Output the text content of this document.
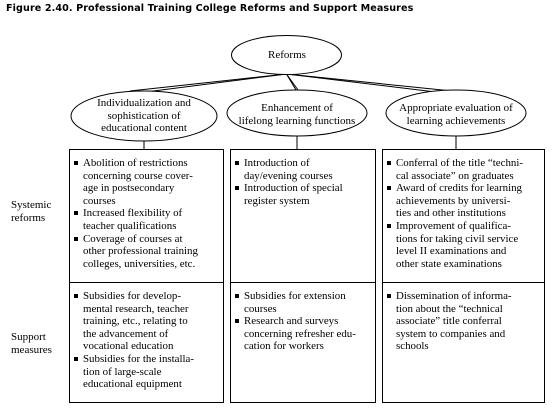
Figure 2.40. Professional Training College Reforms and Support Measures
Reforms
Individualization and
sophistication of
educational content
Enhancement of
lifelong learning functions
Appropriate evaluation of
learning achievements
Systemic
reforms
Support
measures
Abolition of restrictions
concerning course cover-
age in postsecondary
courses
Increased flexibility of
teacher qualifications
Coverage of courses at
other professional training
colleges, universities, etc.
Introduction of
day/evening courses
Introduction of special
register system
Conferral of the title “techni-
cal associate” on graduates
Award of credits for learning
achievements by universi-
ties and other institutions
Improvement of qualifica-
tions for taking civil service
level II examinations and
other state examinations
Subsidies for develop-
mental research, teacher
training, etc., relating to
the advancement of
vocational education
Subsidies for the installa-
tion of large-scale
educational equipment
Subsidies for extension
courses
Research and surveys
concerning refresher edu-
cation for workers
Dissemination of informa-
tion about the “technical
associate” title conferral
system to companies and
schools
